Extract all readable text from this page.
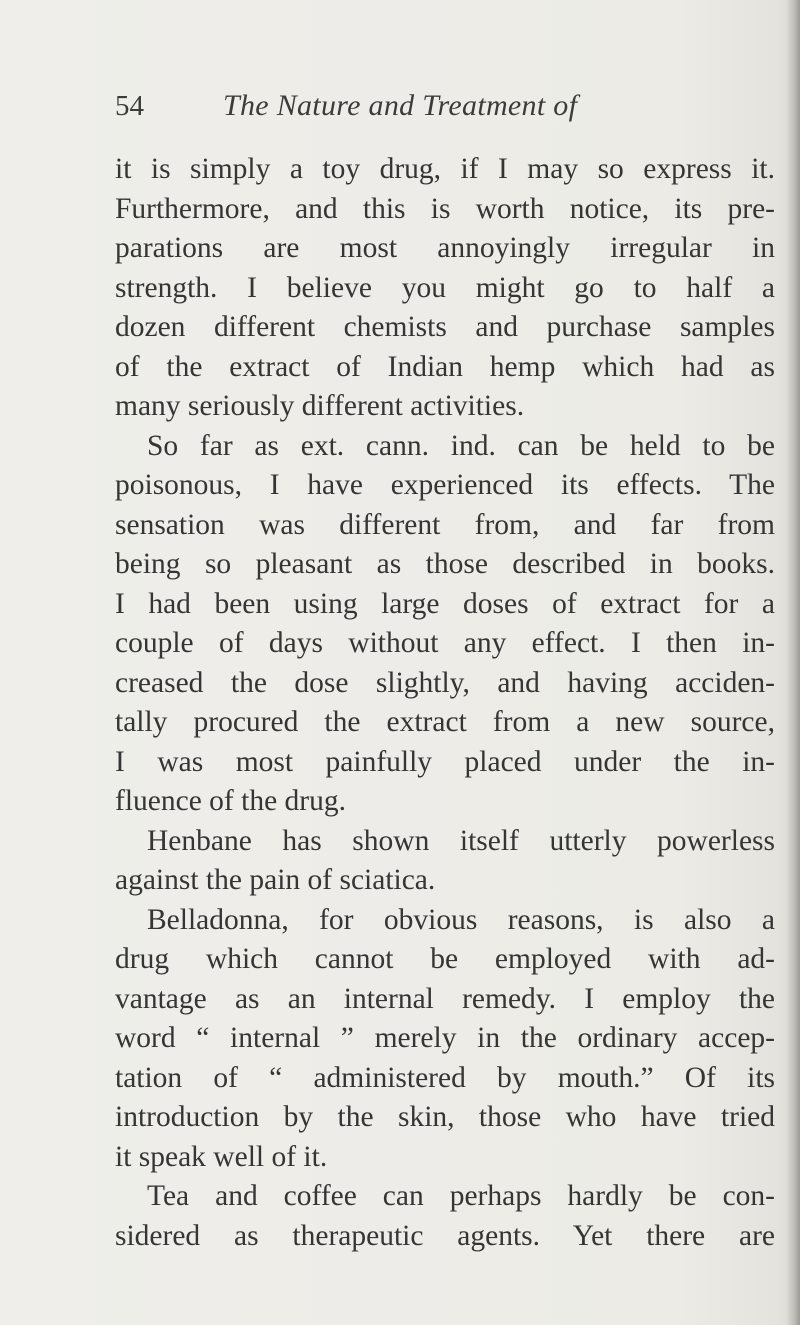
54	The Nature and Treatment of
it is simply a toy drug, if I may so express it.
Furthermore, and this is worth notice, its pre-
parations are most annoyingly irregular in
strength. I believe you might go to half a
dozen different chemists and purchase samples
of the extract of Indian hemp which had as
many seriously different activities.
So far as ext. cann. ind. can be held to be
poisonous, I have experienced its effects. The
sensation was different from, and far from
being so pleasant as those described in books.
I had been using large doses of extract for a
couple of days without any effect. I then in-
creased the dose slightly, and having acciden-
tally procured the extract from a new source,
I was most painfully placed under the in-
fluence of the drug.
Henbane has shown itself utterly powerless
against the pain of sciatica.
Belladonna, for obvious reasons, is also a
drug which cannot be employed with ad-
vantage as an internal remedy. I employ the
word “ internal ” merely in the ordinary accep-
tation of “ administered by mouth.” Of its
introduction by the skin, those who have tried
it speak well of it.
Tea and coffee can perhaps hardly be con-
sidered as therapeutic agents. Yet there are
